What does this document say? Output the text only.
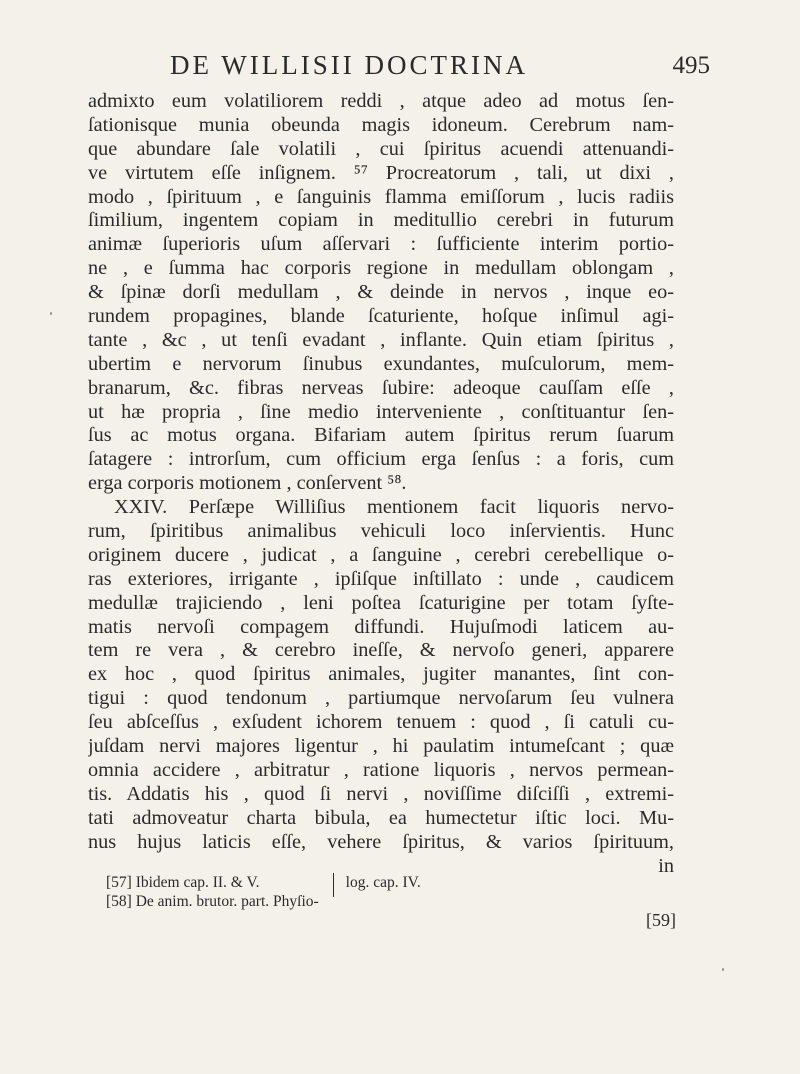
DE WILLISII DOCTRINA	495
admixto eum volatiliorem reddi , atque adeo ad motus ſen-
ſationisque munia obeunda magis idoneum. Cerebrum nam-
que abundare ſale volatili , cui ſpiritus acuendi attenuandi-
ve virtutem eſſe inſignem. ⁵⁷ Procreatorum , tali, ut dixi ,
modo , ſpirituum , e ſanguinis flamma emiſſorum , lucis radiis
ſimilium, ingentem copiam in meditullio cerebri in futurum
animæ ſuperioris uſum aſſervari : ſufficiente interim portio-
ne , e ſumma hac corporis regione in medullam oblongam ,
& ſpinæ dorſi medullam , & deinde in nervos , inque eo-
rundem propagines, blande ſcaturiente, hoſque inſimul agi-
tante , &c , ut tenſi evadant , inflante. Quin etiam ſpiritus ,
ubertim e nervorum ſinubus exundantes, muſculorum, mem-
branarum, &c. fibras nerveas ſubire: adeoque cauſſam eſſe ,
ut hæ propria , ſine medio interveniente , conſtituantur ſen-
ſus ac motus organa. Bifariam autem ſpiritus rerum ſuarum
ſatagere : introrſum, cum officium erga ſenſus : a foris, cum
erga corporis motionem , conſervent ⁵⁸.
XXIV. Perſæpe Williſius mentionem facit liquoris nervo-
rum, ſpiritibus animalibus vehiculi loco inſervientis. Hunc
originem ducere , judicat , a ſanguine , cerebri cerebellique o-
ras exteriores, irrigante , ipſiſque inſtillato : unde , caudicem
medullæ trajiciendo , leni poſtea ſcaturigine per totam ſyſte-
matis nervoſi compagem diffundi. Hujuſmodi laticem au-
tem re vera , & cerebro ineſſe, & nervoſo generi, apparere
ex hoc , quod ſpiritus animales, jugiter manantes, ſint con-
tigui : quod tendonum , partiumque nervoſarum ſeu vulnera
ſeu abſceſſus , exſudent ichorem tenuem : quod , ſi catuli cu-
juſdam nervi majores ligentur , hi paulatim intumeſcant ; quæ
omnia accidere , arbitratur , ratione liquoris , nervos permean-
tis. Addatis his , quod ſi nervi , noviſſime diſciſſi , extremi-
tati admoveatur charta bibula, ea humectetur iſtic loci. Mu-
nus hujus laticis eſſe, vehere ſpiritus, & varios ſpirituum,
in
[57] Ibidem cap. II. & V.
[58] De anim. brutor. part. Phyſio-
log. cap. IV.
[59]
